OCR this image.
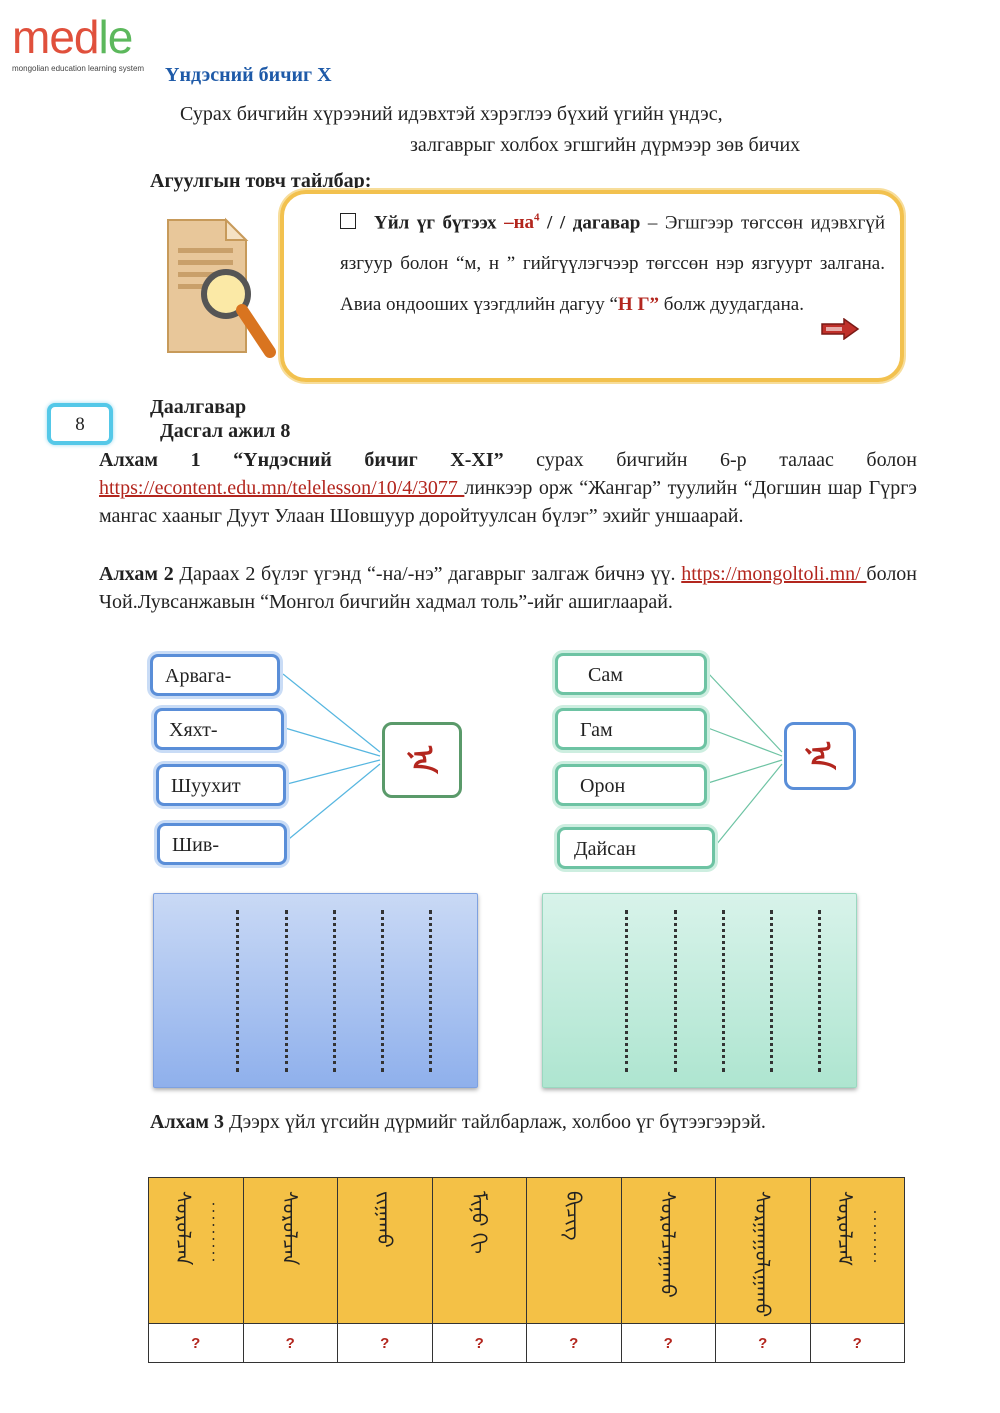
medle
mongolian education learning system Үндэсний бичиг X
Сурах бичгийн хүрээний идэвхтэй хэрэглээ бүхий үгийн үндэс,
залгаврыг холбох эгшгийн дүрмээр зөв бичих
Агуулгын товч тайлбар:
Үйл үг бүтээх $-на^4$ / / дагавар – Эгшгээр төгссөн идэвхгүй язгуур болон “м, н ” гийгүүлэгчээр төгссөн нэр язгуурт залгана. Авиа ондоошиx үзэгдлийн дагуу “Н Г” болж дуудагдана.
8
Даалгавар
Дасгал ажил 8
Алхам 1 “Үндэсний бичиг X-XI” сурах бичгийн 6-р талаас болон https://econtent.edu.mn/telelesson/10/4/3077 линкээр орж “Жангар” туулийн “Догшин шар Гүргэ мангас хааныг Дуут Улаан Шовшуур доройтуулсан бүлэг” эхийг уншаарай.
Алхам 2 Дараах 2 бүлэг үгэнд “-на/-нэ” дагаврыг залгаж бичнэ үү. https://mongoltoli.mn/ болон Чой.Лувсанжавын “Монгол бичгийн хадмал толь”-ийг ашиглаарай.
Арвага-
Хяхт-
Шуухит
Шив-
ᠨᠠ
Сам
Гам
Орон
Дайсан
ᠨᠠ
Алхам 3 Дээрх үйл үгсийн дүрмийг тайлбарлаж, холбоо үг бүтээгээрэй.
ᠰᠤᠷᠤᠯᠴᠠᠨ .........	ᠰᠤᠷᠤᠯᠴᠠᠨ	ᠵᠢᠭᠠᠬᠤ	ᠮᠢᠨᠦ ᠬᠢ	ᠪᠢᠴᠢᠭ	ᠰᠤᠷᠤᠯᠴᠠᠭᠠᠬᠤ	ᠰᠤᠷᠭᠠᠭᠤᠯᠢᠭᠠᠬᠤ	ᠰᠤᠷᠤᠯᠴᠠᠮ ........
?	?	?	?	?	?	?	?
